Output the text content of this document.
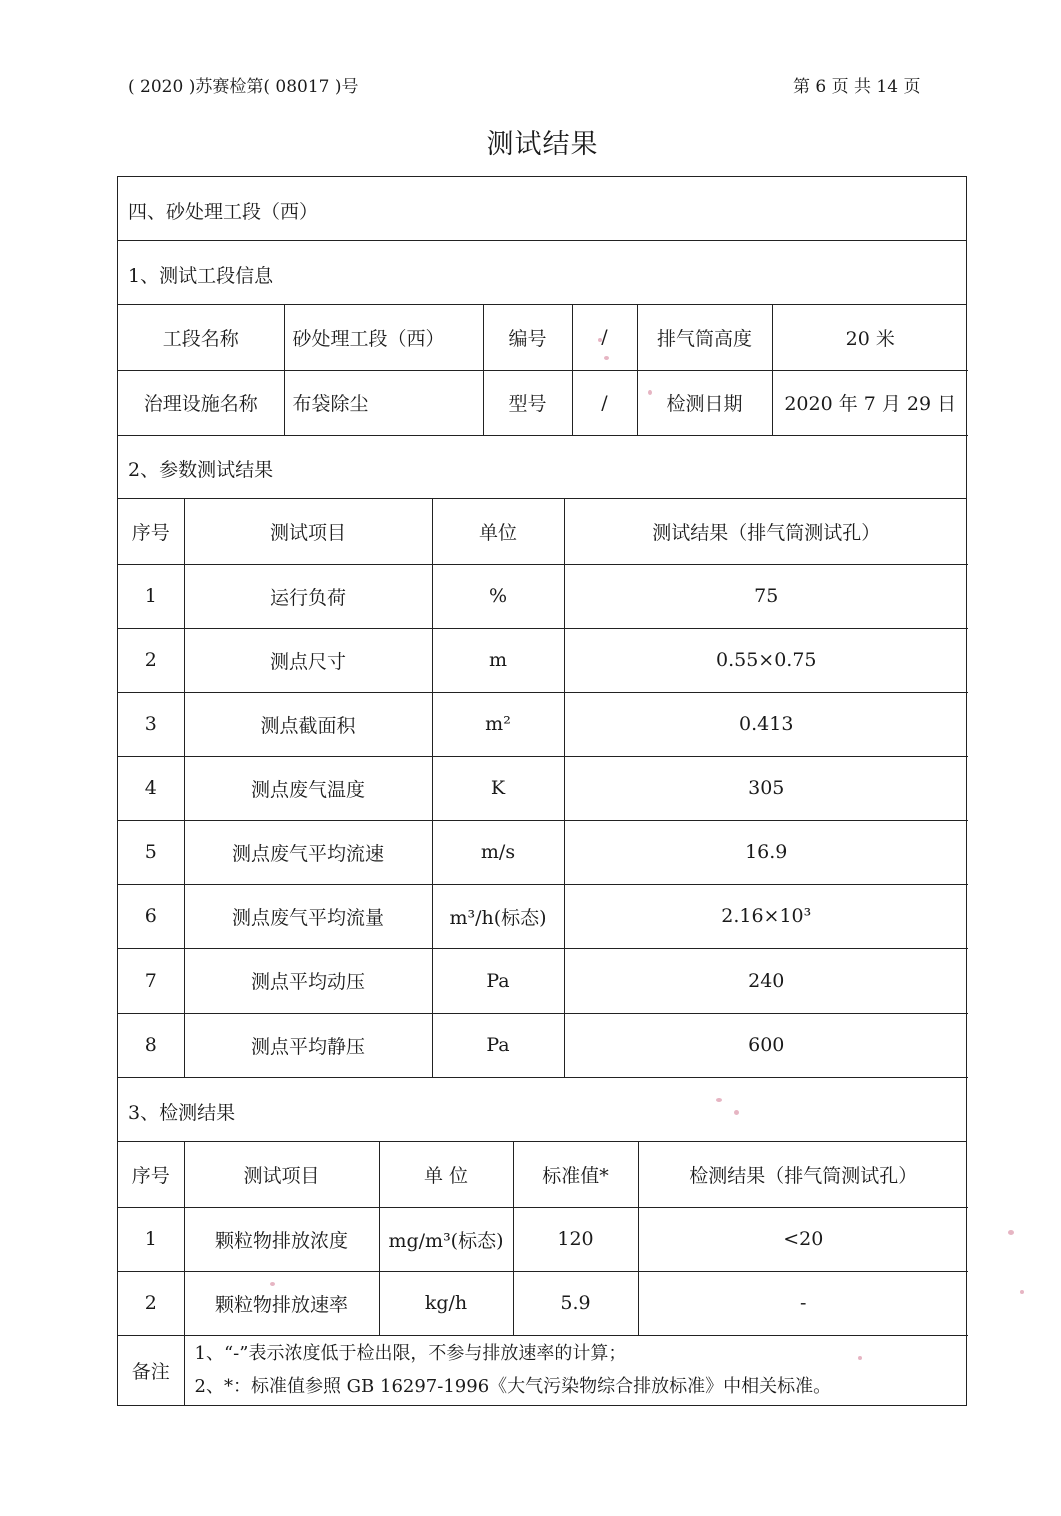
( 2020 )苏赛检第( 08017 )号	第 6 页 共 14 页
测试结果
四、砂处理工段（西）
1、测试工段信息
工段名称	砂处理工段（西）	编号	/	排气筒高度	20 米
治理设施名称	布袋除尘	型号	/	检测日期	2020 年 7 月 29 日
2、参数测试结果
序号	测试项目	单位	测试结果（排气筒测试孔）
1	运行负荷	%	75
2	测点尺寸	m	0.55×0.75
3	测点截面积	m²	0.413
4	测点废气温度	K	305
5	测点废气平均流速	m/s	16.9
6	测点废气平均流量	m³/h(标态)	2.16×10³
7	测点平均动压	Pa	240
8	测点平均静压	Pa	600
3、检测结果
序号	测试项目	单 位	标准值*	检测结果（排气筒测试孔）
1	颗粒物排放浓度	mg/m³(标态)	120	<20
2	颗粒物排放速率	kg/h	5.9	-
备注	
1、“-”表示浓度低于检出限，不参与排放速率的计算；
2、*：标准值参照 GB 16297-1996《大气污染物综合排放标准》中相关标准。
